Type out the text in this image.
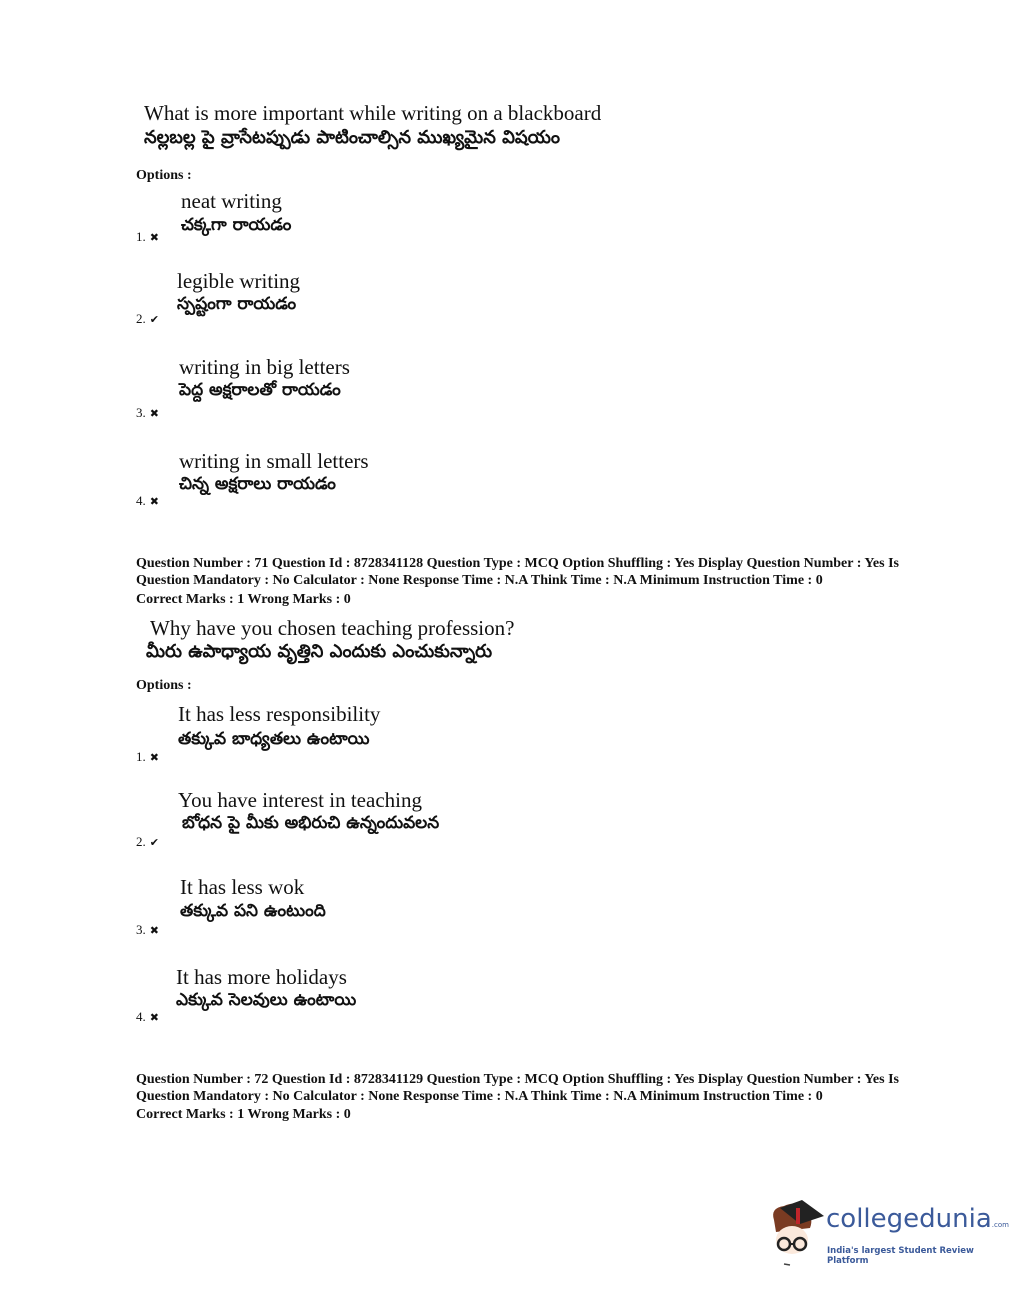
What is more important while writing on a blackboard
నల్లబల్ల పై వ్రాసేటప్పుడు పాటించాల్సిన ముఖ్యమైన విషయం
Options :
neat writing
చక్కగా రాయడం
1. ✖
legible writing
స్పష్టంగా రాయడం
2. ✔
writing in big letters
పెద్ద అక్షరాలతో రాయడం
3. ✖
writing in small letters
చిన్న అక్షరాలు రాయడం
4. ✖
Question Number : 71 Question Id : 8728341128 Question Type : MCQ Option Shuffling : Yes Display Question Number : Yes Is Question Mandatory : No Calculator : None Response Time : N.A Think Time : N.A Minimum Instruction Time : 0
Correct Marks : 1 Wrong Marks : 0
Why have you chosen teaching profession?
మీరు ఉపాధ్యాయ వృత్తిని ఎందుకు ఎంచుకున్నారు
Options :
It has less responsibility
తక్కువ బాధ్యతలు ఉంటాయి
1. ✖
You have interest in teaching
బోధన పై మీకు అభిరుచి ఉన్నందువలన
2. ✔
It has less wok
తక్కువ పని ఉంటుంది
3. ✖
It has more holidays
ఎక్కువ సెలవులు ఉంటాయి
4. ✖
Question Number : 72 Question Id : 8728341129 Question Type : MCQ Option Shuffling : Yes Display Question Number : Yes Is Question Mandatory : No Calculator : None Response Time : N.A Think Time : N.A Minimum Instruction Time : 0
Correct Marks : 1 Wrong Marks : 0
collegedunia.com
India's largest Student Review Platform
